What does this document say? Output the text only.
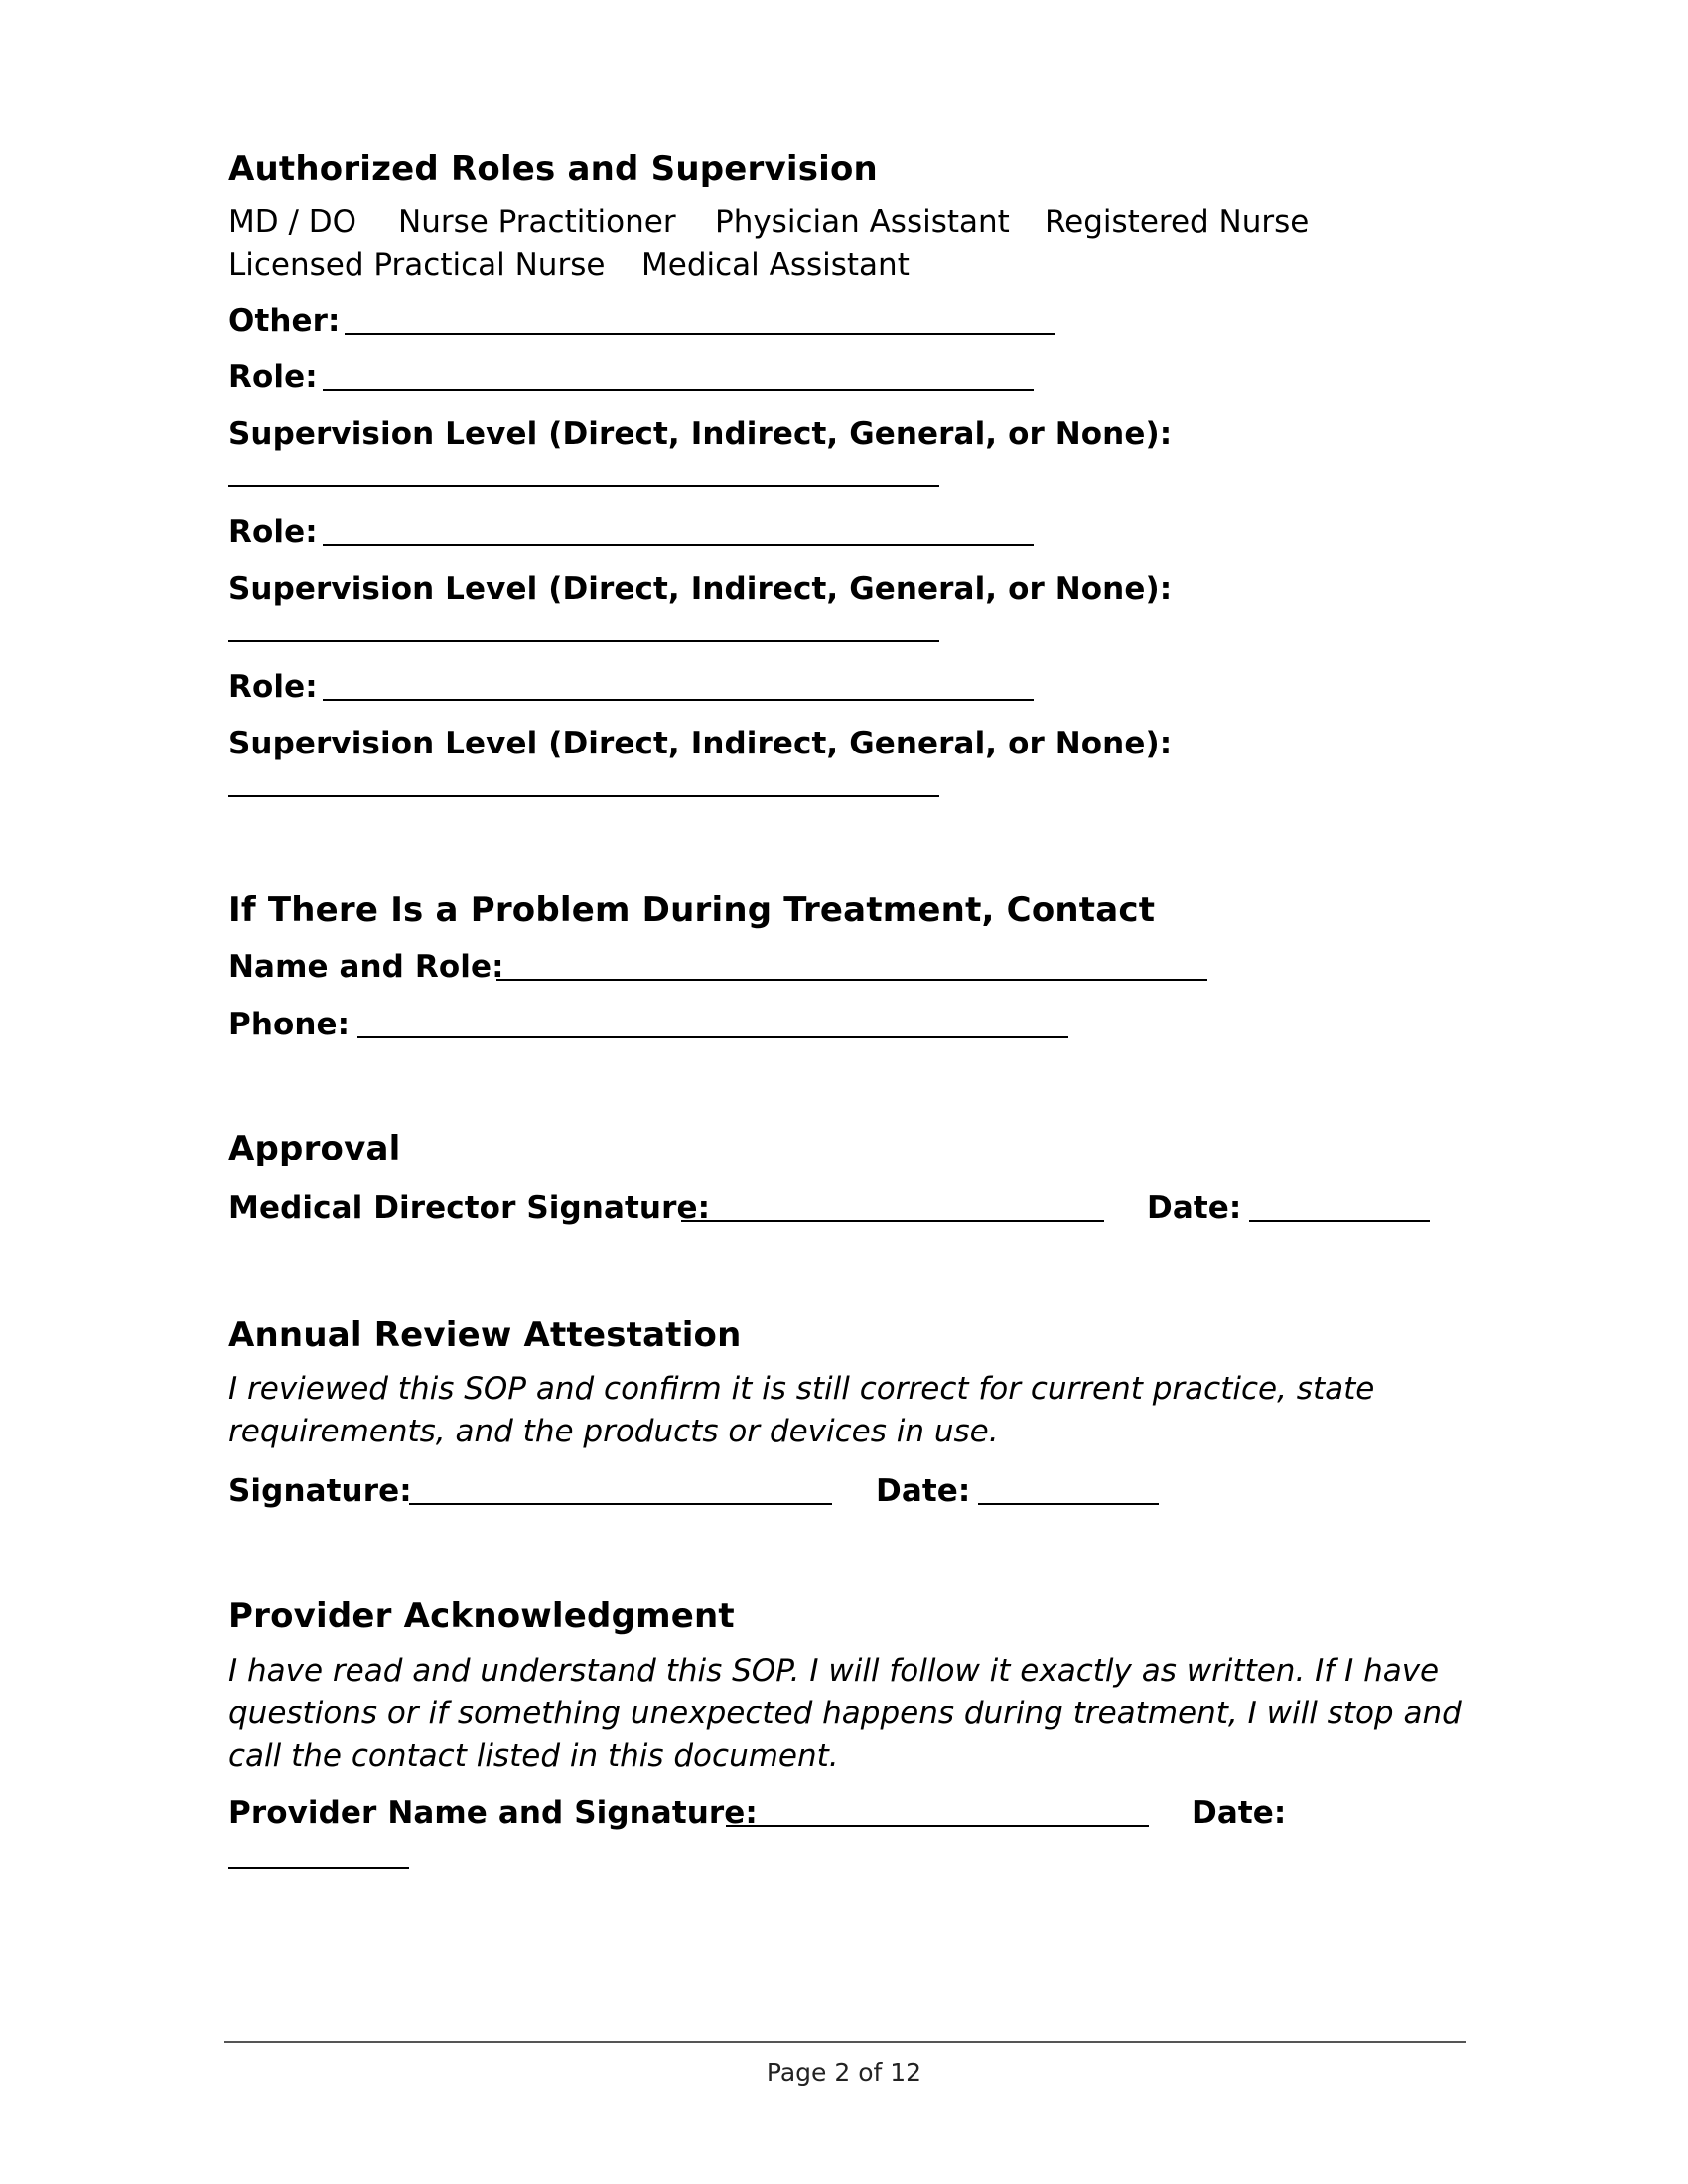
Authorized Roles and Supervision
MD / DO Nurse Practitioner Physician Assistant Registered Nurse
Licensed Practical Nurse Medical Assistant
Other:
Role:
Supervision Level (Direct, Indirect, General, or None):
Role:
Supervision Level (Direct, Indirect, General, or None):
Role:
Supervision Level (Direct, Indirect, General, or None):
If There Is a Problem During Treatment, Contact
Name and Role:
Phone:
Approval
Medical Director Signature:	Date:
Annual Review Attestation
I reviewed this SOP and confirm it is still correct for current practice, state
requirements, and the products or devices in use.
Signature:	Date:
Provider Acknowledgment
I have read and understand this SOP. I will follow it exactly as written. If I have
questions or if something unexpected happens during treatment, I will stop and
call the contact listed in this document.
Provider Name and Signature:	Date:
Page 2 of 12
